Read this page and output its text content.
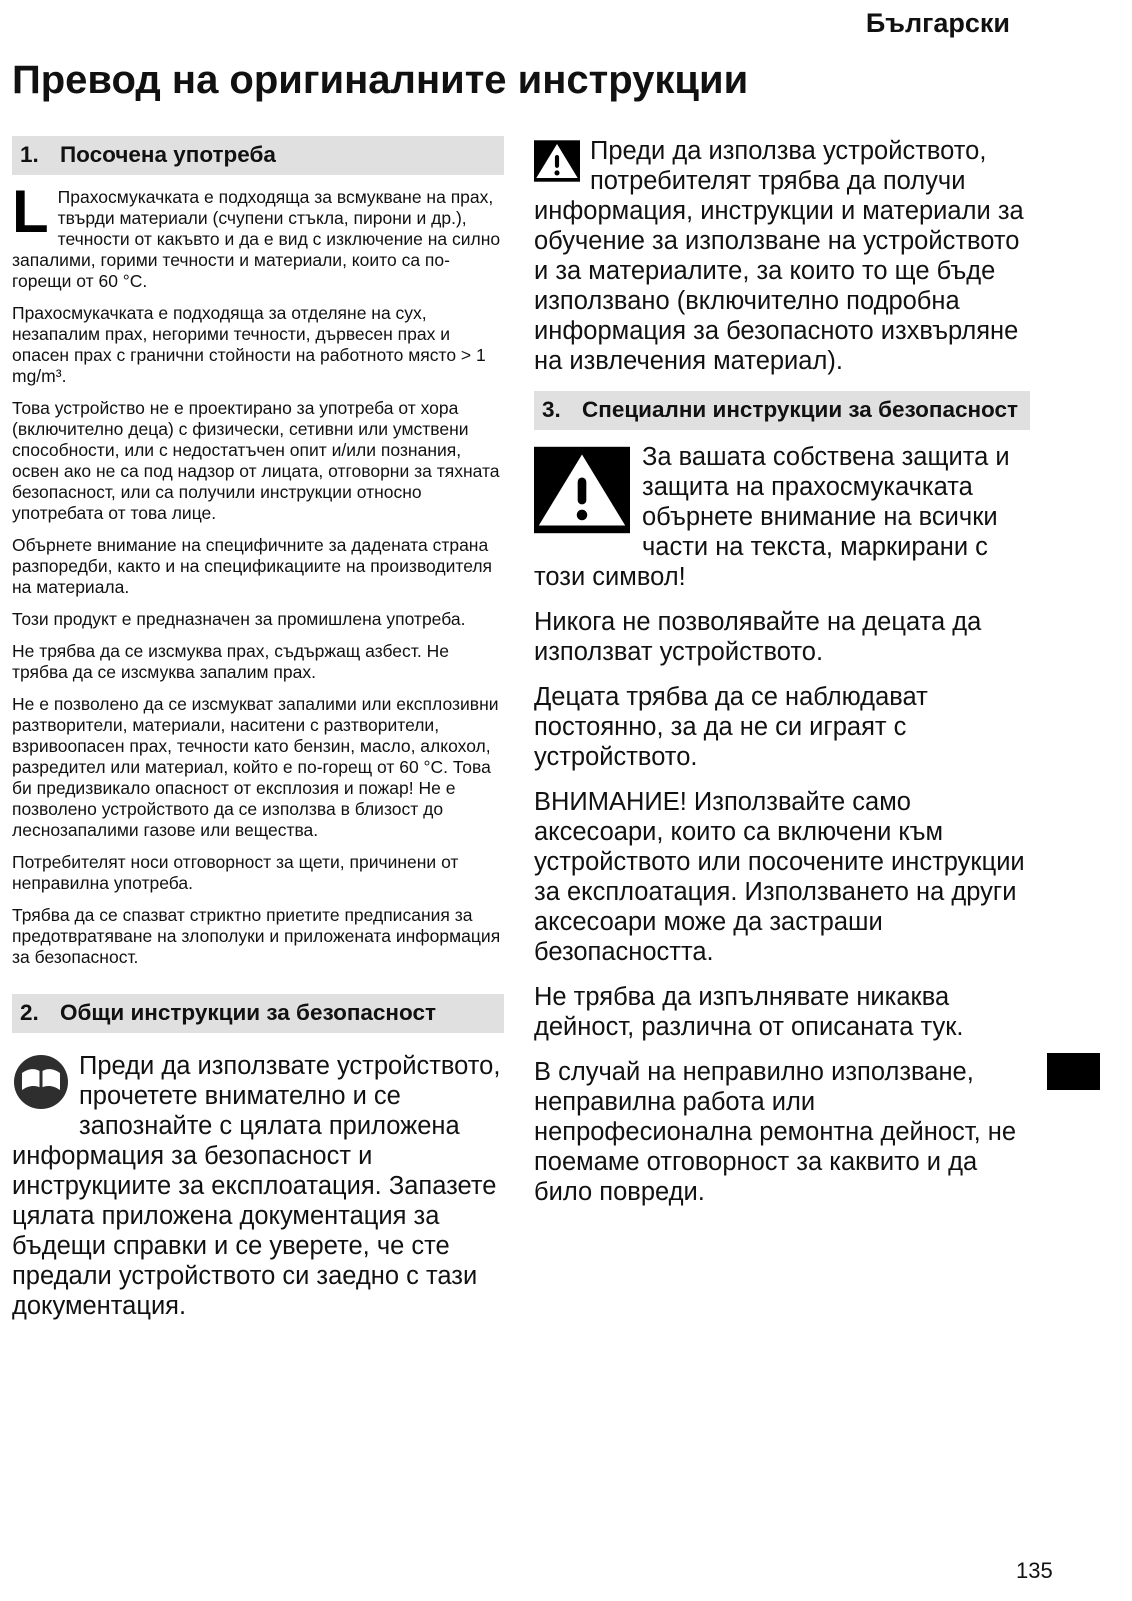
Български
Превод на оригиналните инструкции
1. Посочена употреба

L Прахосмукачката е подходяща за всмукване на прах, твърди материали (счупени стъкла, пирони и др.), течности от какъвто и да е вид с изключение на силно запалими, горими течности и материали, които са по-горещи от 60 °C.

Прахосмукачката е подходяща за отделяне на сух, незапалим прах, негорими течности, дървесен прах и опасен прах с гранични стойности на работното място > 1 mg/m³.

Това устройство не е проектирано за употреба от хора (включително деца) с физически, сетивни или умствени способности, или с недостатъчен опит и/или познания, освен ако не са под надзор от лицата, отговорни за тяхната безопасност, или са получили инструкции относно употребата от това лице.

Обърнете внимание на специфичните за дадената страна разпоредби, както и на спецификациите на производителя на материала.

Този продукт е предназначен за промишлена употреба.

Не трябва да се изсмуква прах, съдържащ азбест. Не трябва да се изсмуква запалим прах.

Не е позволено да се изсмукват запалими или експлозивни разтворители, материали, наситени с разтворители, взривоопасен прах, течности като бензин, масло, алкохол, разредител или материал, който е по-горещ от 60 °C. Това би предизвикало опасност от експлозия и пожар! Не е позволено устройството да се използва в близост до леснозапалими газове или вещества.

Потребителят носи отговорност за щети, причинени от неправилна употреба.

Трябва да се спазват стриктно приетите предписания за предотвратяване на злополуки и приложената информация за безопасност.

2. Общи инструкции за безопасност

Преди да използвате устройството, прочетете внимателно и се запознайте с цялата приложена информация за безопасност и инструкциите за експлоатация. Запазете цялата приложена документация за бъдещи справки и се уверете, че сте предали устройството си заедно с тази документация.

Преди да използва устройството, потребителят трябва да получи информация, инструкции и материали за обучение за използване на устройството и за материалите, за които то ще бъде използвано (включително подробна информация за безопасното изхвърляне на извлечения материал).

3. Специални инструкции за безопасност

За вашата собствена защита и защита на прахосмукачката обърнете внимание на всички части на текста, маркирани с този символ!

Никога не позволявайте на децата да използват устройството.

Децата трябва да се наблюдават постоянно, за да не си играят с устройството.

ВНИМАНИЕ! Използвайте само аксесоари, които са включени към устройството или посочените инструкции за експлоатация. Използването на други аксесоари може да застраши безопасността.

Не трябва да изпълнявате никаква дейност, различна от описаната тук.

В случай на неправилно използване, неправилна работа или непрофесионална ремонтна дейност, не поемаме отговорност за каквито и да било повреди.

135
